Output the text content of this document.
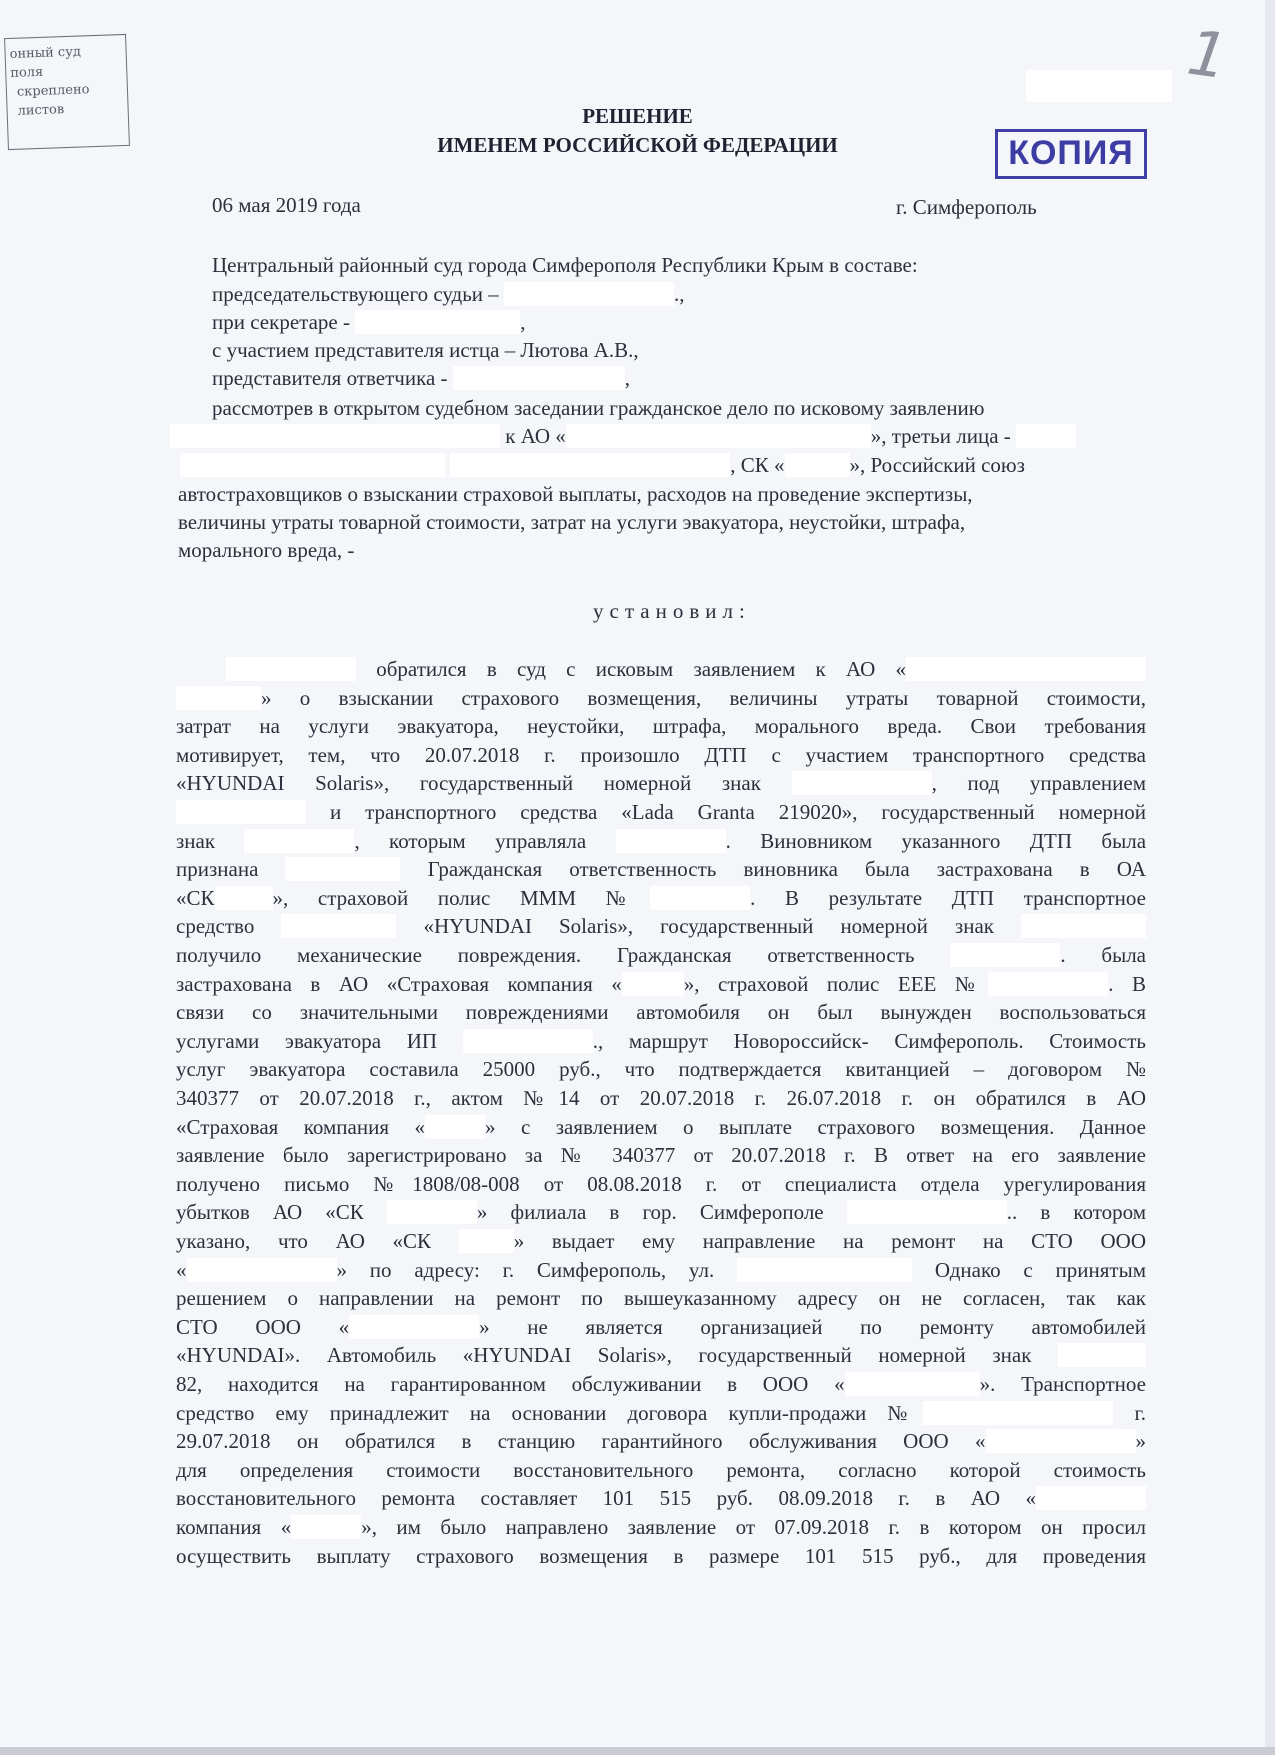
онный суд
поля
скреплено
листов
1
РЕШЕНИЕ
ИМЕНЕМ РОССИЙСКОЙ ФЕДЕРАЦИИ	КОПИЯ
06 мая 2019 года	г. Симферополь
Центральный районный суд города Симферополя Республики Крым в составе:
председательствующего судьи –	.,
при секретаре -	,
с участием представителя истца – Лютова А.В.,
представителя ответчика -	,
рассмотрев в открытом судебном заседании гражданское дело по исковому заявлению
к АО «	», третьи лица -
, СК «	», Российский союз
автостраховщиков о взыскании страховой выплаты, расходов на проведение экспертизы,
величины утраты товарной стоимости, затрат на услуги эвакуатора, неустойки, штрафа,
морального вреда, -
установил:
обратился в суд с исковым заявлением к АО «
» о взыскании страхового возмещения, величины утраты товарной стоимости,
затрат на услуги эвакуатора, неустойки, штрафа, морального вреда. Свои требования
мотивирует, тем, что 20.07.2018 г. произошло ДТП с участием транспортного средства
«HYUNDAI Solaris», государственный номерной знак	, под управлением
и транспортного средства «Lada Granta 219020», государственный номерной
знак	, которым управляла	. Виновником указанного ДТП была
признана	Гражданская ответственность виновника была застрахована в ОА
«СК	», страховой полис МММ №	. В результате ДТП транспортное
средство	«HYUNDAI Solaris», государственный номерной знак
получило механические повреждения. Гражданская ответственность	. была
застрахована в АО «Страховая компания «	», страховой полис ЕЕЕ №	. В
связи со значительными повреждениями автомобиля он был вынужден воспользоваться
услугами эвакуатора ИП	., маршрут Новороссийск- Симферополь. Стоимость
услуг эвакуатора составила 25000 руб., что подтверждается квитанцией – договором №
340377 от 20.07.2018 г., актом №14 от 20.07.2018 г. 26.07.2018 г. он обратился в АО
«Страховая компания «	» с заявлением о выплате страхового возмещения. Данное
заявление было зарегистрировано за № 340377 от 20.07.2018 г. В ответ на его заявление
получено письмо №1808/08-008 от 08.08.2018 г. от специалиста отдела урегулирования
убытков АО «СК	» филиала в гор. Симферополе	.. в котором
указано, что АО «СК	» выдает ему направление на ремонт на СТО ООО
«	» по адресу: г. Симферополь, ул.	Однако с принятым
решением о направлении на ремонт по вышеуказанному адресу он не согласен, так как
СТО ООО «	» не является организацией по ремонту автомобилей
«HYUNDAI». Автомобиль «HYUNDAI Solaris», государственный номерной знак
82, находится на гарантированном обслуживании в ООО «	». Транспортное
средство ему принадлежит на основании договора купли-продажи №	г.
29.07.2018 он обратился в станцию гарантийного обслуживания ООО «	»
для определения стоимости восстановительного ремонта, согласно которой стоимость
восстановительного ремонта составляет 101 515 руб. 08.09.2018 г. в АО «
компания «	», им было направлено заявление от 07.09.2018 г. в котором он просил
осуществить выплату страхового возмещения в размере 101 515 руб., для проведения
